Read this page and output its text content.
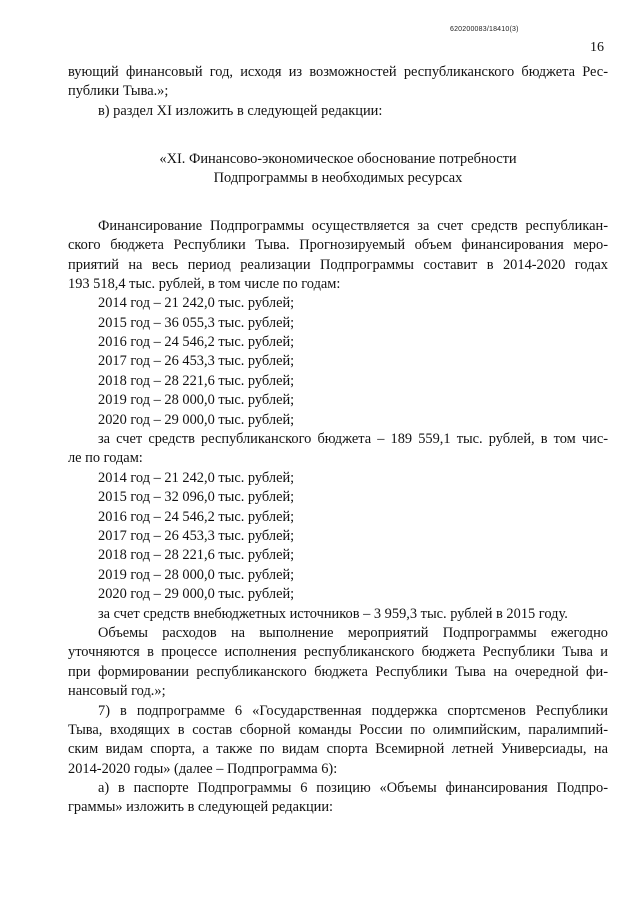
620200083/18410(3)
16
вующий финансовый год, исходя из возможностей республиканского бюджета Рес-
публики Тыва.»;
в) раздел XI изложить в следующей редакции:
«XI. Финансово-экономическое обоснование потребности
Подпрограммы в необходимых ресурсах
Финансирование Подпрограммы осуществляется за счет средств республикан-
ского бюджета Республики Тыва. Прогнозируемый объем финансирования меро-
приятий на весь период реализации Подпрограммы составит в 2014-2020 годах
193 518,4 тыс. рублей, в том числе по годам:
2014 год – 21 242,0 тыс. рублей;
2015 год – 36 055,3 тыс. рублей;
2016 год – 24 546,2 тыс. рублей;
2017 год – 26 453,3 тыс. рублей;
2018 год – 28 221,6 тыс. рублей;
2019 год – 28 000,0 тыс. рублей;
2020 год – 29 000,0 тыс. рублей;
за счет средств республиканского бюджета – 189 559,1 тыс. рублей, в том чис-
ле по годам:
2014 год – 21 242,0 тыс. рублей;
2015 год – 32 096,0 тыс. рублей;
2016 год – 24 546,2 тыс. рублей;
2017 год – 26 453,3 тыс. рублей;
2018 год – 28 221,6 тыс. рублей;
2019 год – 28 000,0 тыс. рублей;
2020 год – 29 000,0 тыс. рублей;
за счет средств внебюджетных источников – 3 959,3 тыс. рублей в 2015 году.
Объемы расходов на выполнение мероприятий Подпрограммы ежегодно
уточняются в процессе исполнения республиканского бюджета Республики Тыва и
при формировании республиканского бюджета Республики Тыва на очередной фи-
нансовый год.»;
7) в подпрограмме 6 «Государственная поддержка спортсменов Республики
Тыва, входящих в состав сборной команды России по олимпийским, паралимпий-
ским видам спорта, а также по видам спорта Всемирной летней Универсиады, на
2014-2020 годы» (далее – Подпрограмма 6):
а) в паспорте Подпрограммы 6 позицию «Объемы финансирования Подпро-
граммы» изложить в следующей редакции:
